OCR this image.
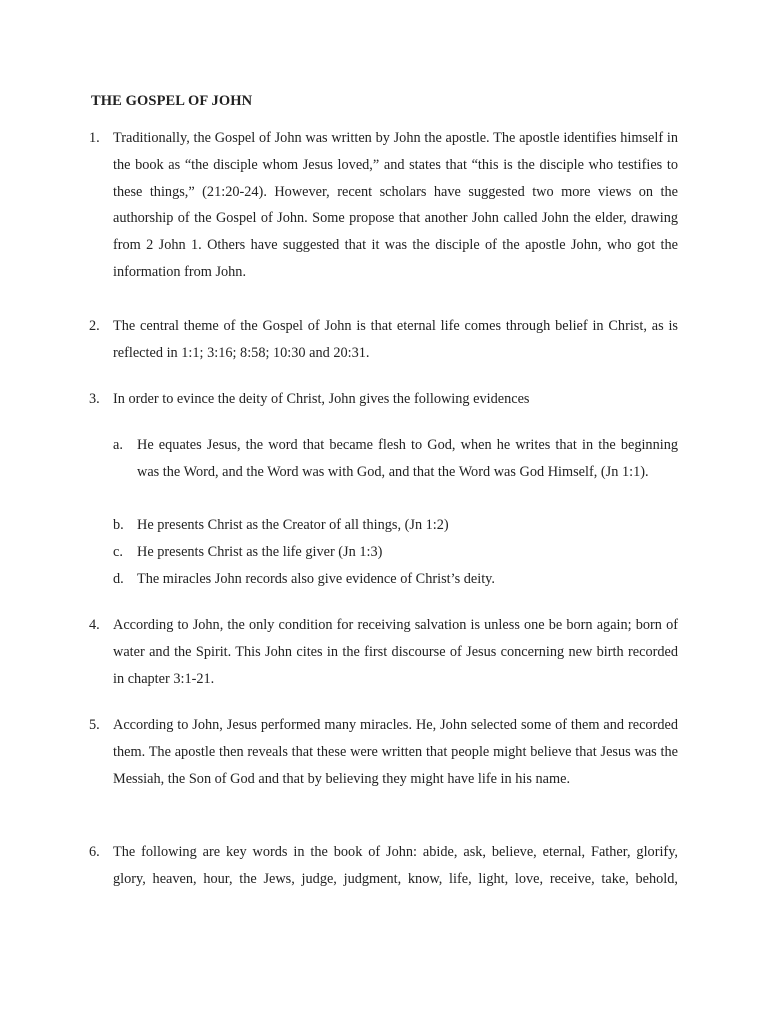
THE GOSPEL OF JOHN
1. Traditionally, the Gospel of John was written by John the apostle. The apostle identifies himself in the book as “the disciple whom Jesus loved,” and states that “this is the disciple who testifies to these things,” (21:20-24). However, recent scholars have suggested two more views on the authorship of the Gospel of John. Some propose that another John called John the elder, drawing from 2 John 1. Others have suggested that it was the disciple of the apostle John, who got the information from John.
2. The central theme of the Gospel of John is that eternal life comes through belief in Christ, as is reflected in 1:1; 3:16; 8:58; 10:30 and 20:31.
3. In order to evince the deity of Christ, John gives the following evidences
a. He equates Jesus, the word that became flesh to God, when he writes that in the beginning was the Word, and the Word was with God, and that the Word was God Himself, (Jn 1:1).
b. He presents Christ as the Creator of all things, (Jn 1:2)
c. He presents Christ as the life giver (Jn 1:3)
d. The miracles John records also give evidence of Christ’s deity.
4. According to John, the only condition for receiving salvation is unless one be born again; born of water and the Spirit. This John cites in the first discourse of Jesus concerning new birth recorded in chapter 3:1-21.
5. According to John, Jesus performed many miracles. He, John selected some of them and recorded them. The apostle then reveals that these were written that people might believe that Jesus was the Messiah, the Son of God and that by believing they might have life in his name.
6. The following are key words in the book of John: abide, ask, believe, eternal, Father, glorify, glory, heaven, hour, the Jews, judge, judgment, know, life, light, love, receive, take, behold,
